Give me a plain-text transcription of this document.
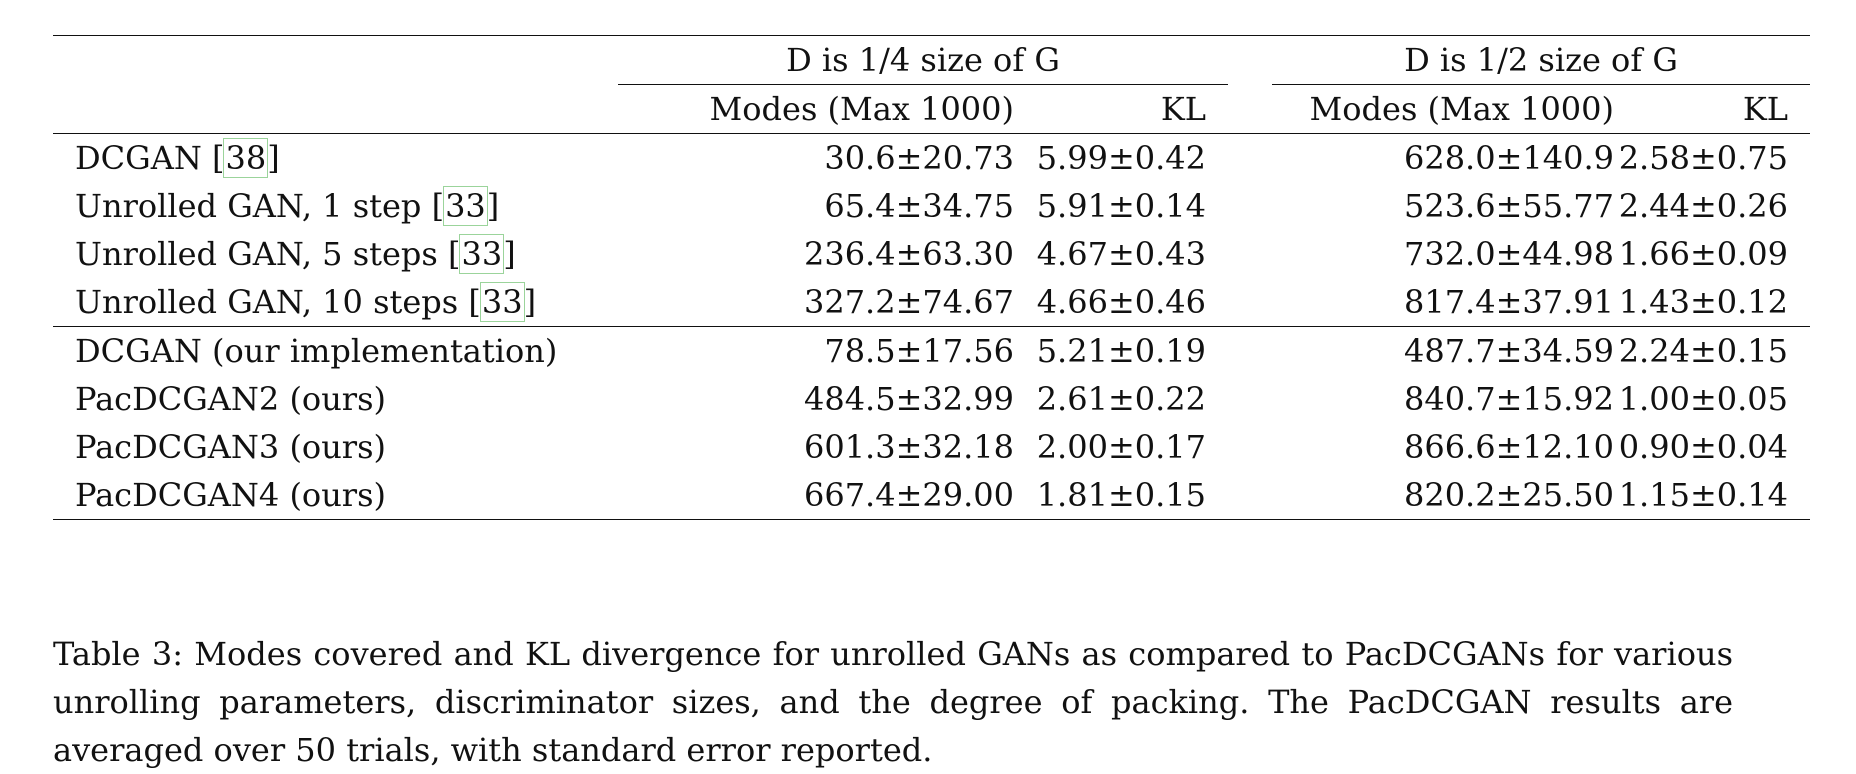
	D is 1/4 size of G			D is 1/2 size of G	
	Modes (Max 1000)	KL		Modes (Max 1000)	KL
DCGAN [38]	30.6±20.73	5.99±0.42		628.0±140.9	2.58±0.75
Unrolled GAN, 1 step [33]	65.4±34.75	5.91±0.14		523.6±55.77	2.44±0.26
Unrolled GAN, 5 steps [33]	236.4±63.30	4.67±0.43		732.0±44.98	1.66±0.09
Unrolled GAN, 10 steps [33]	327.2±74.67	4.66±0.46		817.4±37.91	1.43±0.12
DCGAN (our implementation)	78.5±17.56	5.21±0.19		487.7±34.59	2.24±0.15
PacDCGAN2 (ours)	484.5±32.99	2.61±0.22		840.7±15.92	1.00±0.05
PacDCGAN3 (ours)	601.3±32.18	2.00±0.17		866.6±12.10	0.90±0.04
PacDCGAN4 (ours)	667.4±29.00	1.81±0.15		820.2±25.50	1.15±0.14

Table 3: Modes covered and KL divergence for unrolled GANs as compared to PacDCGANs for various unrolling parameters, discriminator sizes, and the degree of packing. The PacDCGAN results are averaged over 50 trials, with standard error reported.
